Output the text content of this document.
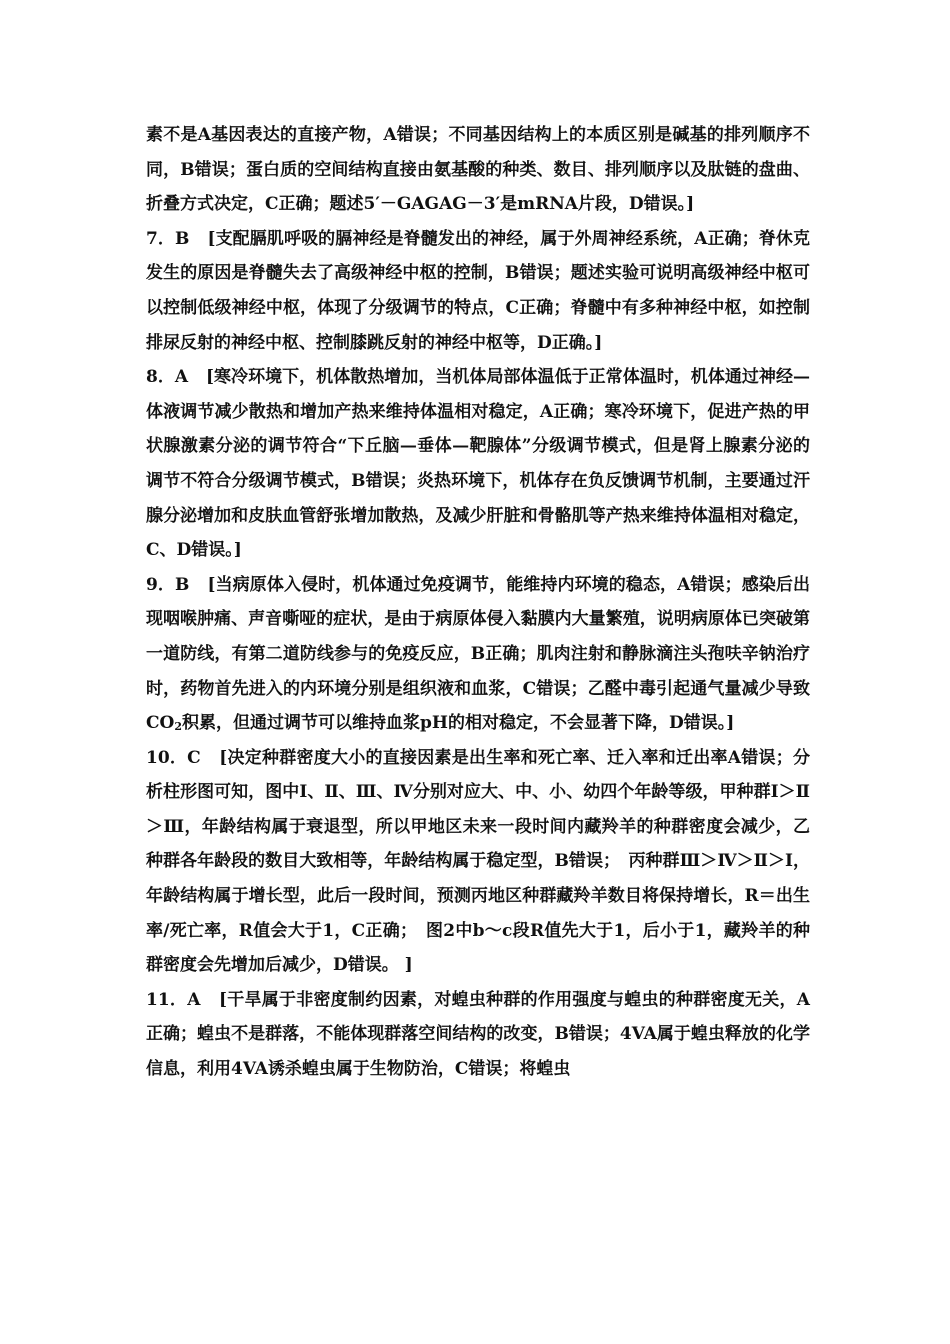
素不是A基因表达的直接产物，A错误；不同基因结构上的本质区别是碱基的排列顺序不同，B错误；蛋白质的空间结构直接由氨基酸的种类、数目、排列顺序以及肽链的盘曲、折叠方式决定，C正确；题述5′－GAGAG－3′是mRNA片段，D错误。]

7．B [支配膈肌呼吸的膈神经是脊髓发出的神经，属于外周神经系统，A正确；脊休克发生的原因是脊髓失去了高级神经中枢的控制，B错误；题述实验可说明高级神经中枢可以控制低级神经中枢，体现了分级调节的特点，C正确；脊髓中有多种神经中枢，如控制排尿反射的神经中枢、控制膝跳反射的神经中枢等，D正确。]

8．A [寒冷环境下，机体散热增加，当机体局部体温低于正常体温时，机体通过神经—体液调节减少散热和增加产热来维持体温相对稳定，A正确；寒冷环境下，促进产热的甲状腺激素分泌的调节符合“下丘脑—垂体—靶腺体”分级调节模式，但是肾上腺素分泌的调节不符合分级调节模式，B错误；炎热环境下，机体存在负反馈调节机制，主要通过汗腺分泌增加和皮肤血管舒张增加散热，及减少肝脏和骨骼肌等产热来维持体温相对稳定，C、D错误。]

9．B [当病原体入侵时，机体通过免疫调节，能维持内环境的稳态，A错误；感染后出现咽喉肿痛、声音嘶哑的症状，是由于病原体侵入黏膜内大量繁殖，说明病原体已突破第一道防线，有第二道防线参与的免疫反应，B正确；肌肉注射和静脉滴注头孢呋辛钠治疗时，药物首先进入的内环境分别是组织液和血浆，C错误；乙醛中毒引起通气量减少导致$CO_2$积累，但通过调节可以维持血浆pH的相对稳定，不会显著下降，D错误。]

10．C [决定种群密度大小的直接因素是出生率和死亡率、迁入率和迁出率A错误；分析柱形图可知，图中Ⅰ、Ⅱ、Ⅲ、Ⅳ分别对应大、中、小、幼四个年龄等级，甲种群Ⅰ＞Ⅱ＞Ⅲ，年龄结构属于衰退型，所以甲地区未来一段时间内藏羚羊的种群密度会减少，乙种群各年龄段的数目大致相等，年龄结构属于稳定型，B错误；　丙种群Ⅲ＞Ⅳ＞Ⅱ＞Ⅰ，年龄结构属于增长型，此后一段时间，预测丙地区种群藏羚羊数目将保持增长，R＝出生率/死亡率，R值会大于1，C正确；　图2中b～c段R值先大于1，后小于1，藏羚羊的种群密度会先增加后减少，D错误。 ]

11．A [干旱属于非密度制约因素，对蝗虫种群的作用强度与蝗虫的种群密度无关，A正确；蝗虫不是群落，不能体现群落空间结构的改变，B错误；4VA属于蝗虫释放的化学信息，利用4VA诱杀蝗虫属于生物防治，C错误；将蝗虫
